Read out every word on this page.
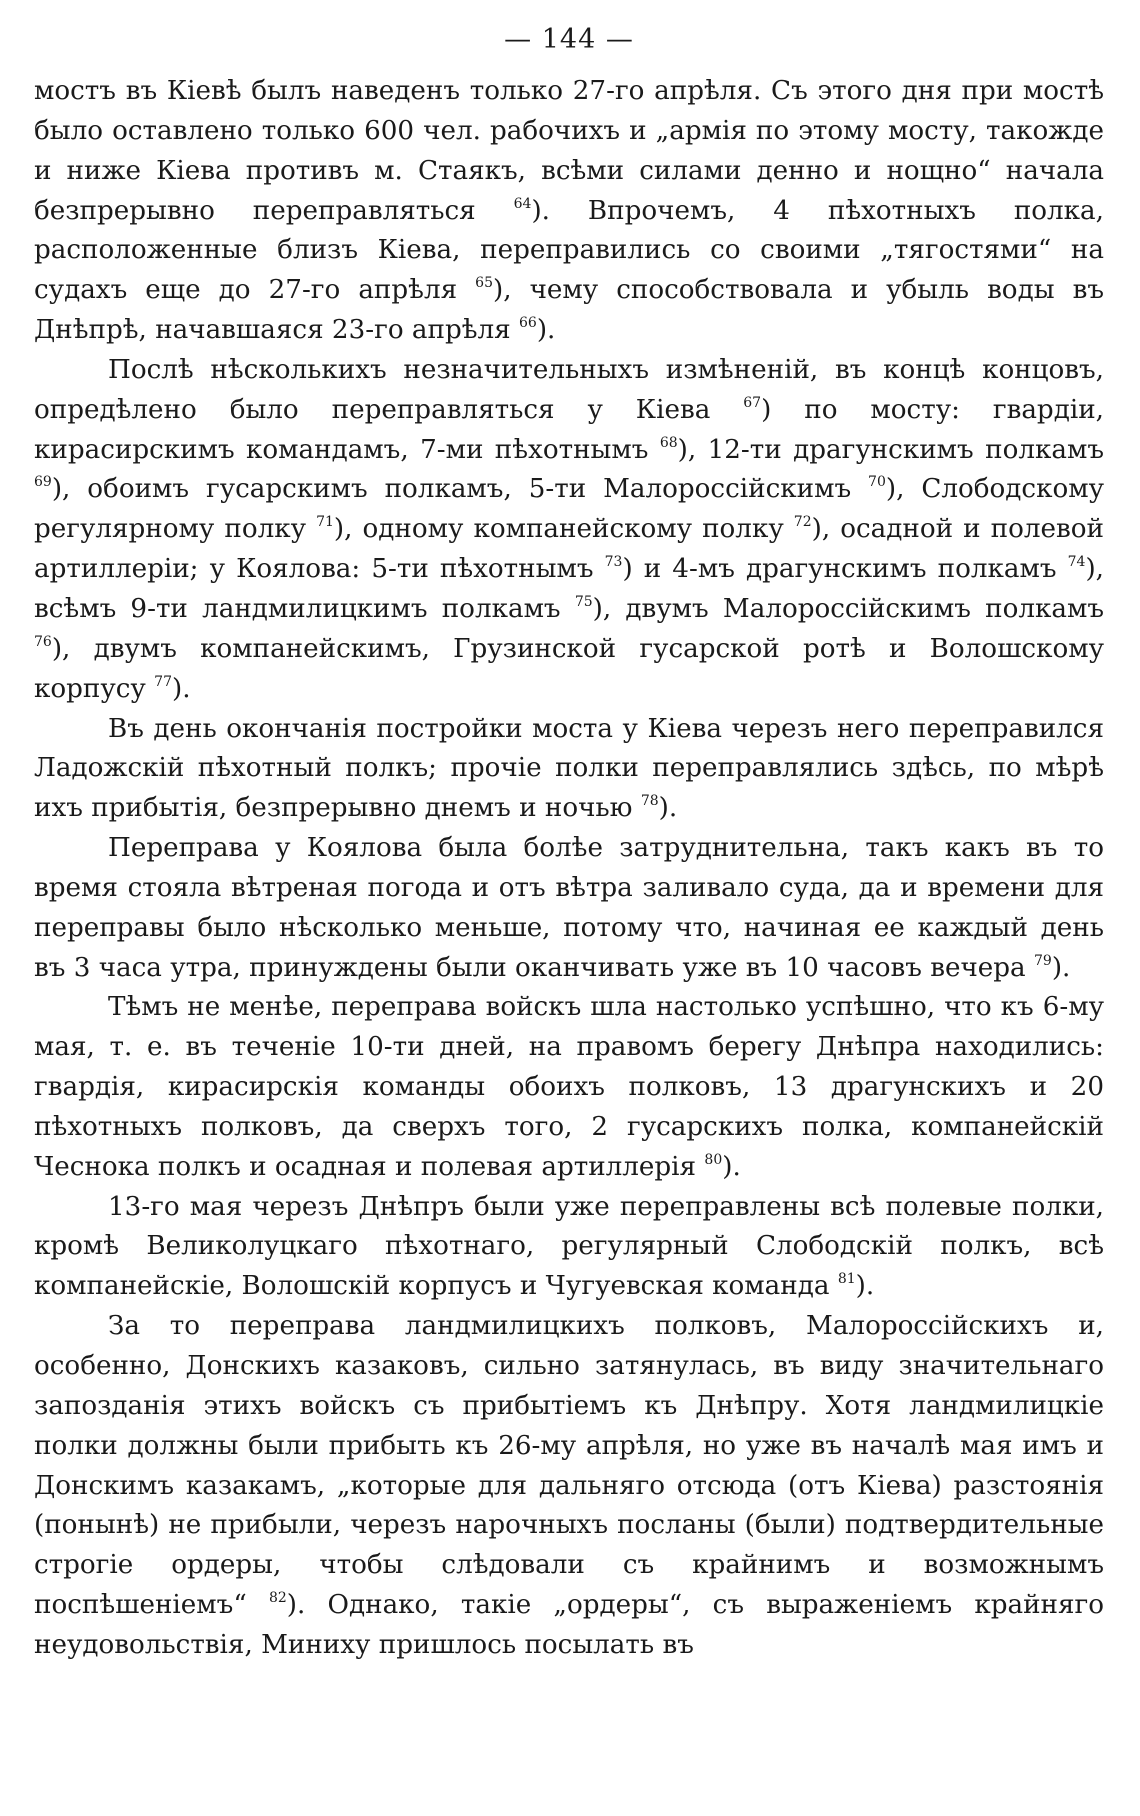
— 144 —

мостъ въ Кіевѣ былъ наведенъ только 27-го апрѣля. Съ этого дня при мостѣ было оставлено только 600 чел. рабочихъ и „армія по этому мосту, такожде и ниже Кіева противъ м. Стаякъ, всѣми силами денно и нощно“ начала безпрерывно переправляться $^{64}$). Впрочемъ, 4 пѣхотныхъ полка, расположенные близъ Кіева, переправились со своими „тягостями“ на судахъ еще до 27-го апрѣля $^{65}$), чему способствовала и убыль воды въ Днѣпрѣ, начавшаяся 23-го апрѣля $^{66}$).

Послѣ нѣсколькихъ незначительныхъ измѣненій, въ концѣ концовъ, опредѣлено было переправляться у Кіева $^{67}$) по мосту: гвардіи, кирасирскимъ командамъ, 7-ми пѣхотнымъ $^{68}$), 12-ти драгунскимъ полкамъ $^{69}$), обоимъ гусарскимъ полкамъ, 5-ти Малороссійскимъ $^{70}$), Слободскому регулярному полку $^{71}$), одному компанейскому полку $^{72}$), осадной и полевой артиллеріи; у Коялова: 5-ти пѣхотнымъ $^{73}$) и 4-мъ драгунскимъ полкамъ $^{74}$), всѣмъ 9-ти ландмилицкимъ полкамъ $^{75}$), двумъ Малороссійскимъ полкамъ $^{76}$), двумъ компанейскимъ, Грузинской гусарской ротѣ и Волошскому корпусу $^{77}$).

Въ день окончанія постройки моста у Кіева черезъ него переправился Ладожскій пѣхотный полкъ; прочіе полки переправлялись здѣсь, по мѣрѣ ихъ прибытія, безпрерывно днемъ и ночью $^{78}$).

Переправа у Коялова была болѣе затруднительна, такъ какъ въ то время стояла вѣтреная погода и отъ вѣтра заливало суда, да и времени для переправы было нѣсколько меньше, потому что, начиная ее каждый день въ 3 часа утра, принуждены были оканчивать уже въ 10 часовъ вечера $^{79}$).

Тѣмъ не менѣе, переправа войскъ шла настолько успѣшно, что къ 6-му мая, т. е. въ теченіе 10-ти дней, на правомъ берегу Днѣпра находились: гвардія, кирасирскія команды обоихъ полковъ, 13 драгунскихъ и 20 пѣхотныхъ полковъ, да сверхъ того, 2 гусарскихъ полка, компанейскій Чеснока полкъ и осадная и полевая артиллерія $^{80}$).

13-го мая черезъ Днѣпръ были уже переправлены всѣ полевые полки, кромѣ Великолуцкаго пѣхотнаго, регулярный Слободскій полкъ, всѣ компанейскіе, Волошскій корпусъ и Чугуевская команда $^{81}$).

За то переправа ландмилицкихъ полковъ, Малороссійскихъ и, особенно, Донскихъ казаковъ, сильно затянулась, въ виду значительнаго запозданія этихъ войскъ съ прибытіемъ къ Днѣпру. Хотя ландмилицкіе полки должны были прибыть къ 26-му апрѣля, но уже въ началѣ мая имъ и Донскимъ казакамъ, „которые для дальняго отсюда (отъ Кіева) разстоянія (понынѣ) не прибыли, черезъ нарочныхъ посланы (были) подтвердительные строгіе ордеры, чтобы слѣдовали съ крайнимъ и возможнымъ поспѣшеніемъ“ $^{82}$). Однако, такіе „ордеры“, съ выраженіемъ крайняго неудовольствія, Миниху пришлось посылать въ
